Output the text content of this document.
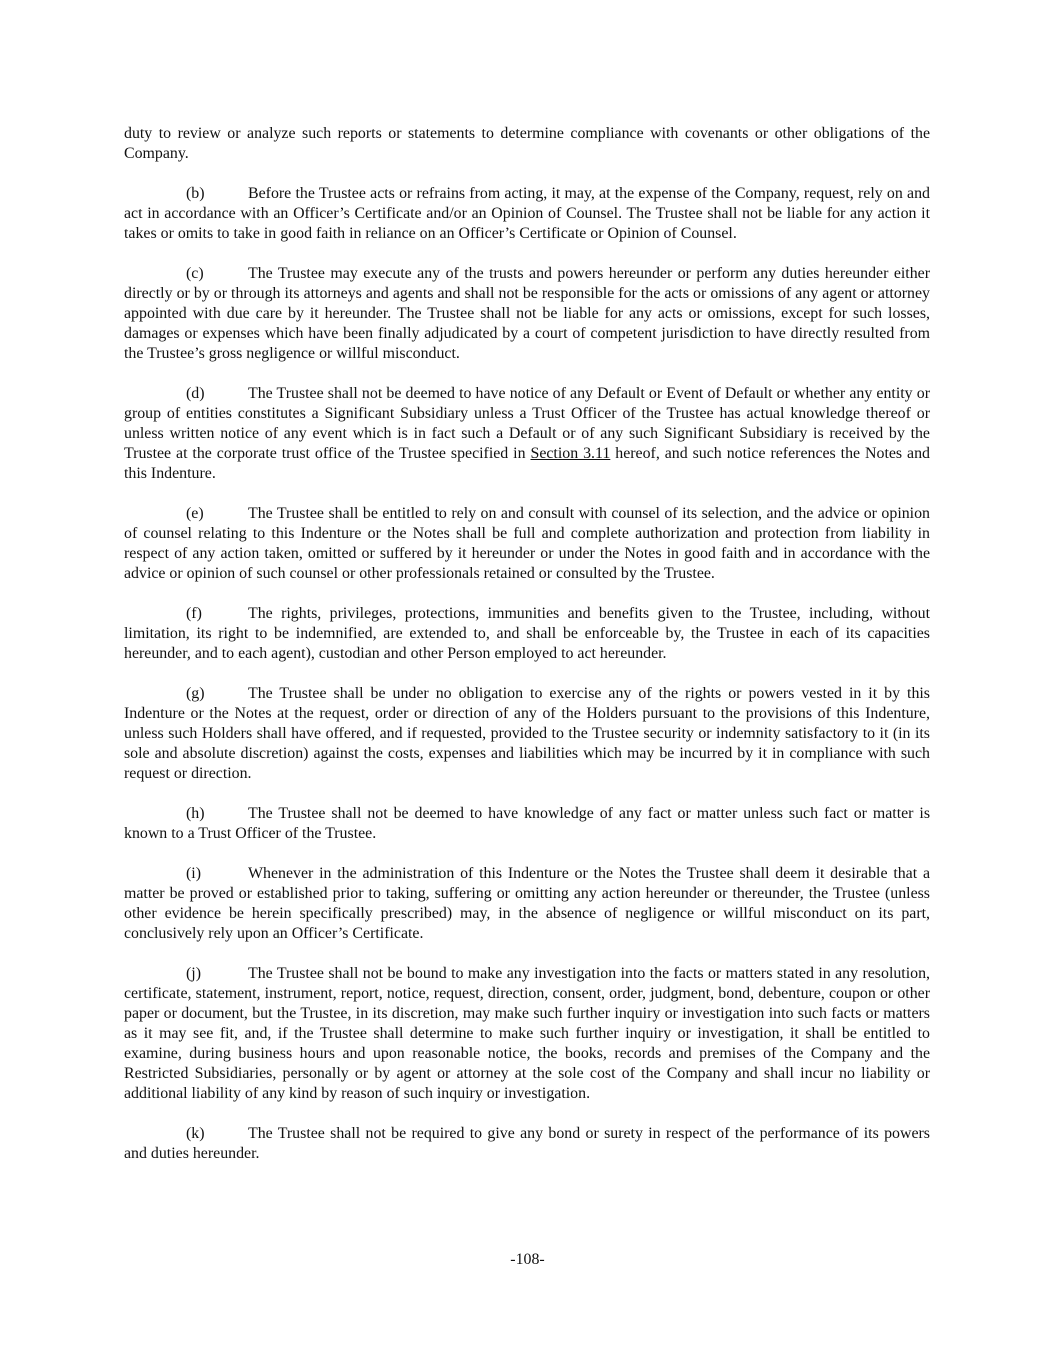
duty to review or analyze such reports or statements to determine compliance with covenants or other obligations of the Company.

(b)	Before the Trustee acts or refrains from acting, it may, at the expense of the Company, request, rely on and act in accordance with an Officer’s Certificate and/or an Opinion of Counsel. The Trustee shall not be liable for any action it takes or omits to take in good faith in reliance on an Officer’s Certificate or Opinion of Counsel.

(c)	The Trustee may execute any of the trusts and powers hereunder or perform any duties hereunder either directly or by or through its attorneys and agents and shall not be responsible for the acts or omissions of any agent or attorney appointed with due care by it hereunder. The Trustee shall not be liable for any acts or omissions, except for such losses, damages or expenses which have been finally adjudicated by a court of competent jurisdiction to have directly resulted from the Trustee’s gross negligence or willful misconduct.

(d)	The Trustee shall not be deemed to have notice of any Default or Event of Default or whether any entity or group of entities constitutes a Significant Subsidiary unless a Trust Officer of the Trustee has actual knowledge thereof or unless written notice of any event which is in fact such a Default or of any such Significant Subsidiary is received by the Trustee at the corporate trust office of the Trustee specified in Section 3.11 hereof, and such notice references the Notes and this Indenture.

(e)	The Trustee shall be entitled to rely on and consult with counsel of its selection, and the advice or opinion of counsel relating to this Indenture or the Notes shall be full and complete authorization and protection from liability in respect of any action taken, omitted or suffered by it hereunder or under the Notes in good faith and in accordance with the advice or opinion of such counsel or other professionals retained or consulted by the Trustee.

(f)	The rights, privileges, protections, immunities and benefits given to the Trustee, including, without limitation, its right to be indemnified, are extended to, and shall be enforceable by, the Trustee in each of its capacities hereunder, and to each agent), custodian and other Person employed to act hereunder.

(g)	The Trustee shall be under no obligation to exercise any of the rights or powers vested in it by this Indenture or the Notes at the request, order or direction of any of the Holders pursuant to the provisions of this Indenture, unless such Holders shall have offered, and if requested, provided to the Trustee security or indemnity satisfactory to it (in its sole and absolute discretion) against the costs, expenses and liabilities which may be incurred by it in compliance with such request or direction.

(h)	The Trustee shall not be deemed to have knowledge of any fact or matter unless such fact or matter is known to a Trust Officer of the Trustee.

(i)	Whenever in the administration of this Indenture or the Notes the Trustee shall deem it desirable that a matter be proved or established prior to taking, suffering or omitting any action hereunder or thereunder, the Trustee (unless other evidence be herein specifically prescribed) may, in the absence of negligence or willful misconduct on its part, conclusively rely upon an Officer’s Certificate.

(j)	The Trustee shall not be bound to make any investigation into the facts or matters stated in any resolution, certificate, statement, instrument, report, notice, request, direction, consent, order, judgment, bond, debenture, coupon or other paper or document, but the Trustee, in its discretion, may make such further inquiry or investigation into such facts or matters as it may see fit, and, if the Trustee shall determine to make such further inquiry or investigation, it shall be entitled to examine, during business hours and upon reasonable notice, the books, records and premises of the Company and the Restricted Subsidiaries, personally or by agent or attorney at the sole cost of the Company and shall incur no liability or additional liability of any kind by reason of such inquiry or investigation.

(k)	The Trustee shall not be required to give any bond or surety in respect of the performance of its powers and duties hereunder.

-108-
